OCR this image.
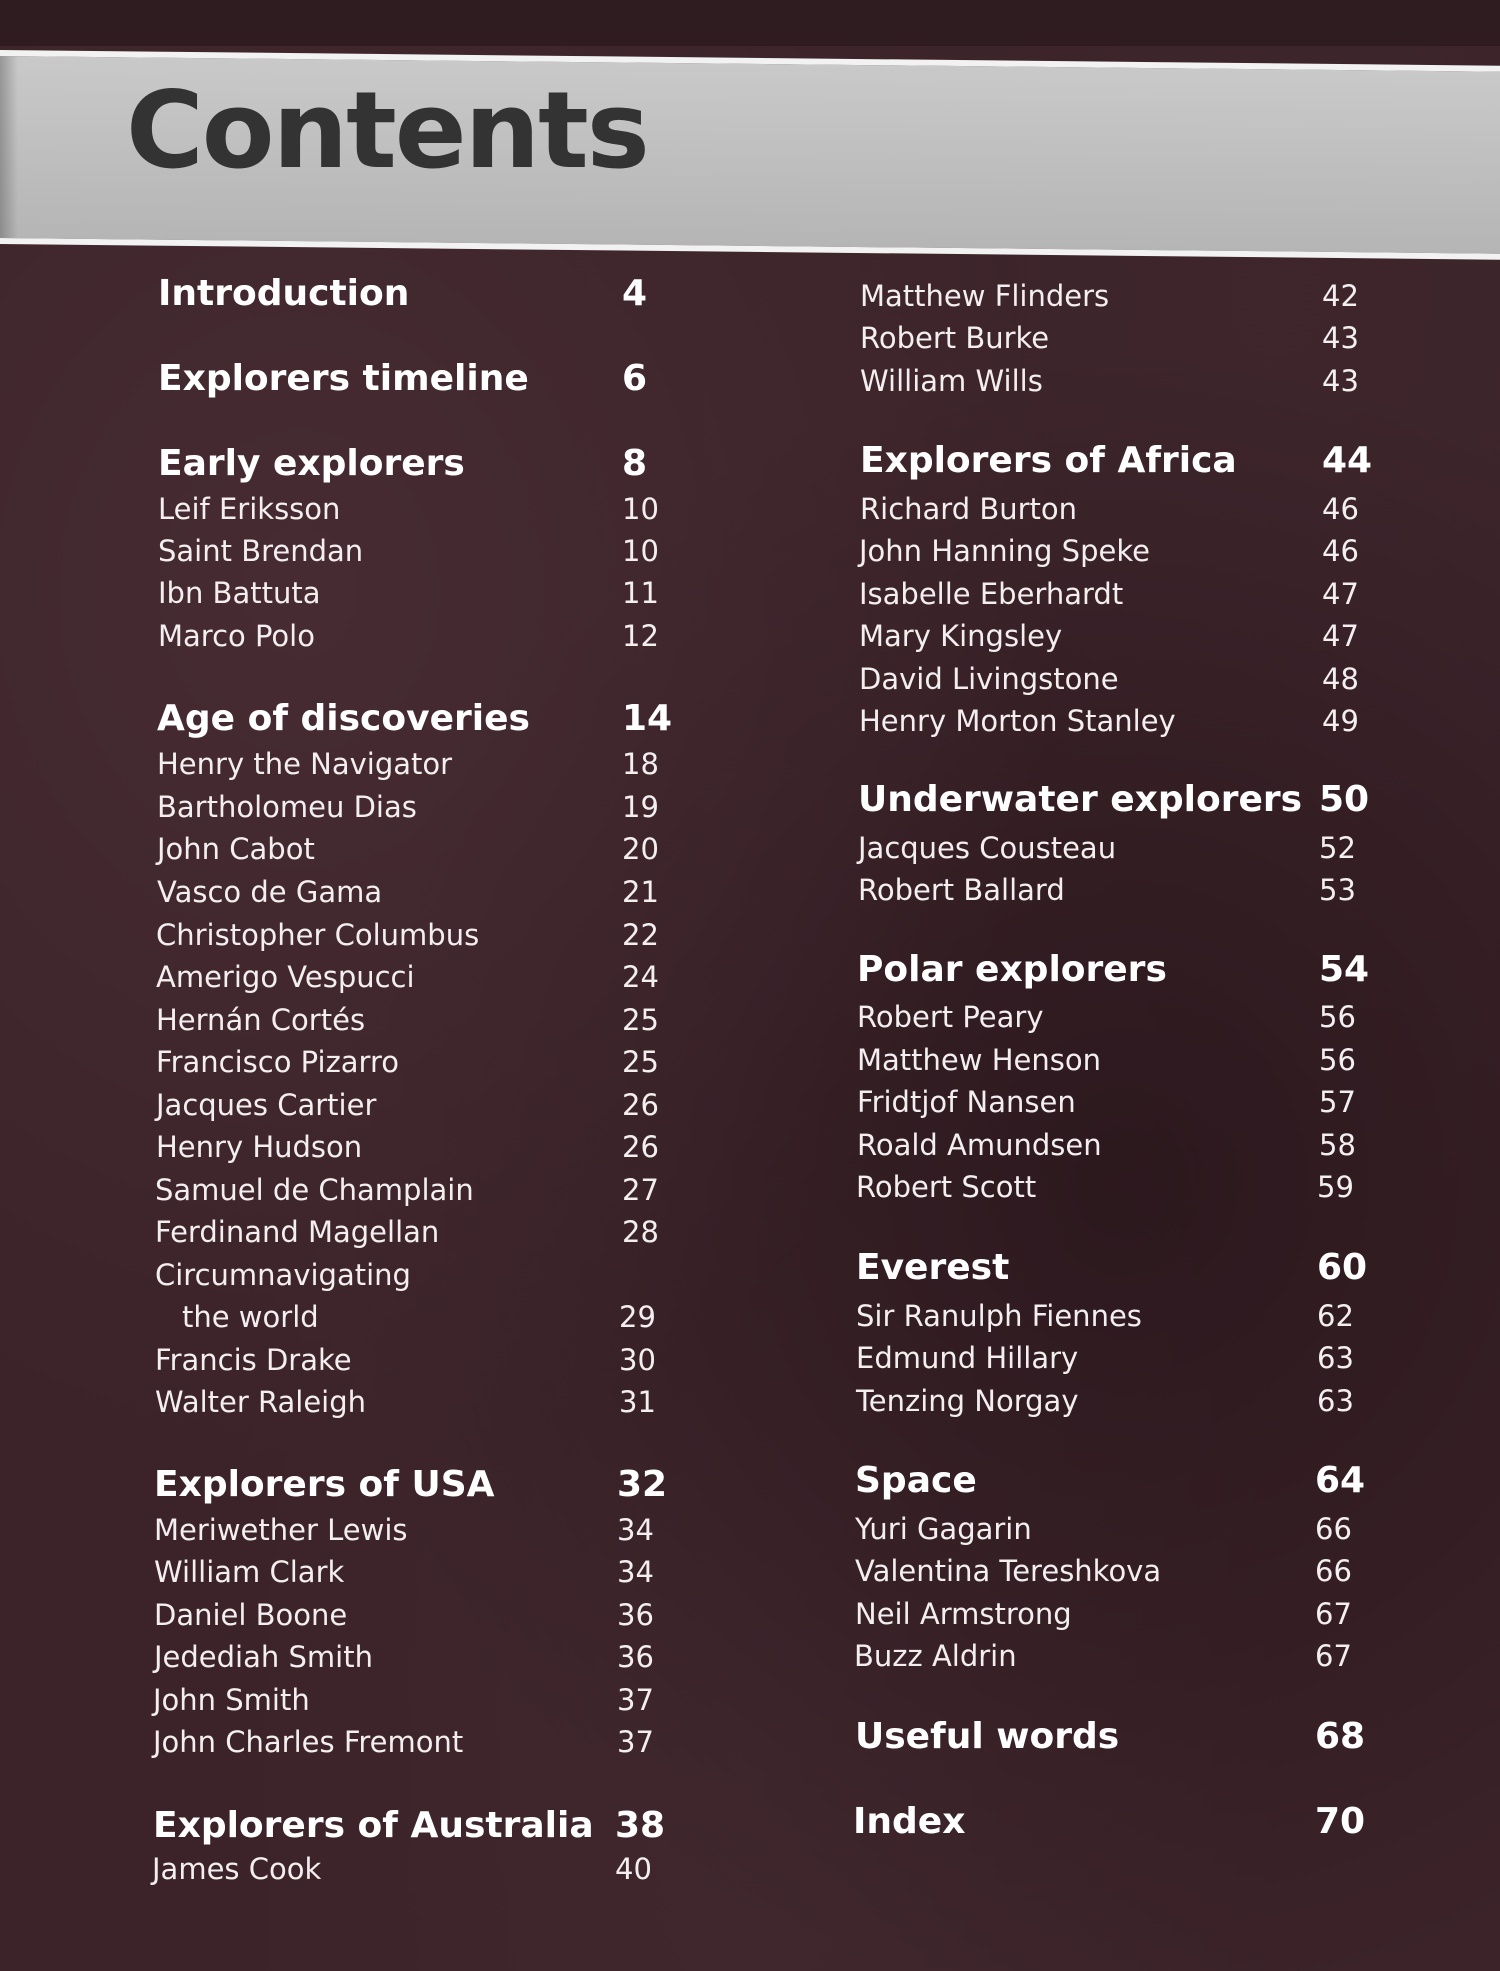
Contents
Introduction	4
Explorers timeline	6
Early explorers	8
Leif Eriksson	10
Saint Brendan	10
Ibn Battuta	11
Marco Polo	12
Age of discoveries	14
Henry the Navigator	18
Bartholomeu Dias	19
John Cabot	20
Vasco de Gama	21
Christopher Columbus	22
Amerigo Vespucci	24
Hernán Cortés	25
Francisco Pizarro	25
Jacques Cartier	26
Henry Hudson	26
Samuel de Champlain	27
Ferdinand Magellan	28
Circumnavigating
the world	29
Francis Drake	30
Walter Raleigh	31
Explorers of USA	32
Meriwether Lewis	34
William Clark	34
Daniel Boone	36
Jedediah Smith	36
John Smith	37
John Charles Fremont	37
Explorers of Australia 38
James Cook	40
Matthew Flinders	42
Robert Burke	43
William Wills	43
Explorers of Africa 44
Richard Burton	46
John Hanning Speke	46
Isabelle Eberhardt	47
Mary Kingsley	47
David Livingstone	48
Henry Morton Stanley	49
Underwater explorers 50
Jacques Cousteau	52
Robert Ballard	53
Polar explorers	54
Robert Peary	56
Matthew Henson	56
Fridtjof Nansen	57
Roald Amundsen	58
Robert Scott	59
Everest	60
Sir Ranulph Fiennes	62
Edmund Hillary	63
Tenzing Norgay	63
Space	64
Yuri Gagarin	66
Valentina Tereshkova	66
Neil Armstrong	67
Buzz Aldrin	67
Useful words	68
Index	70
